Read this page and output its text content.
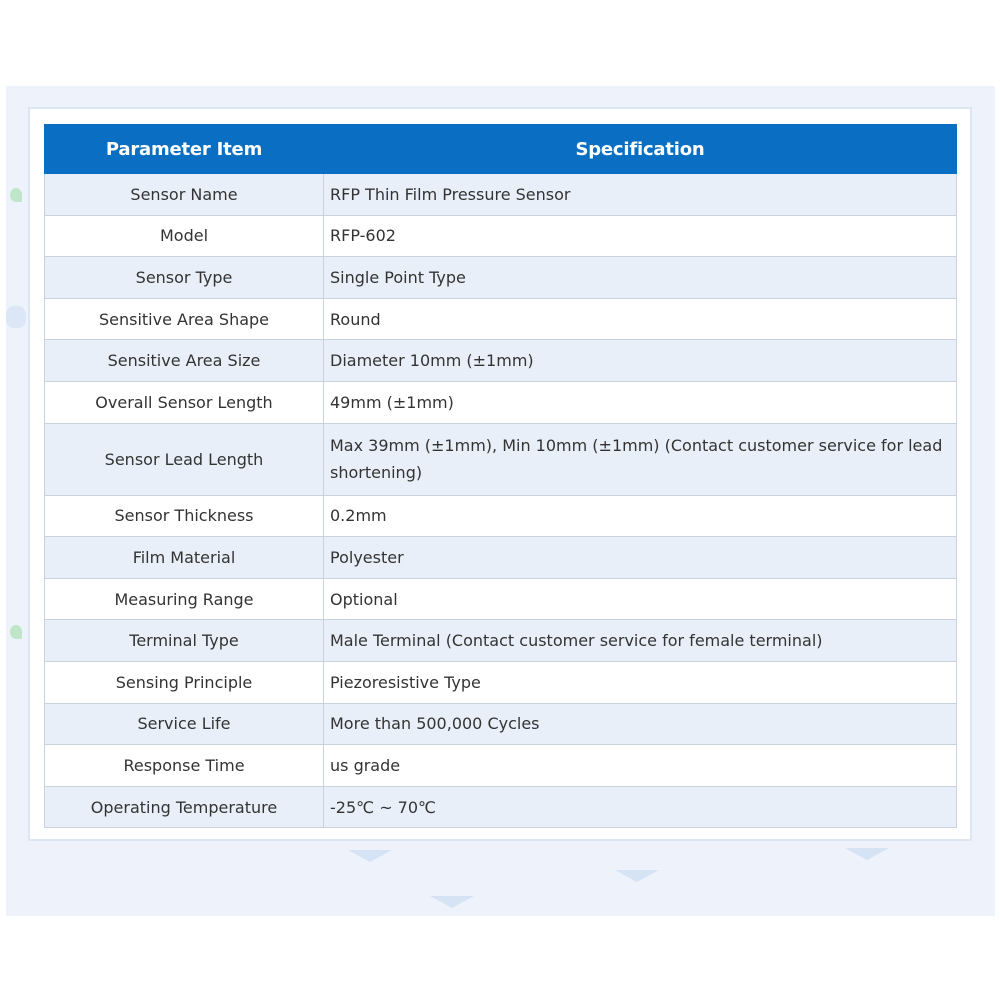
Parameter Item	Specification
Sensor Name	RFP Thin Film Pressure Sensor
Model	RFP-602
Sensor Type	Single Point Type
Sensitive Area Shape	Round
Sensitive Area Size	Diameter 10mm (±1mm)
Overall Sensor Length	49mm (±1mm)
Sensor Lead Length	Max 39mm (±1mm), Min 10mm (±1mm) (Contact customer service for lead shortening)
Sensor Thickness	0.2mm
Film Material	Polyester
Measuring Range	Optional
Terminal Type	Male Terminal (Contact customer service for female terminal)
Sensing Principle	Piezoresistive Type
Service Life	More than 500,000 Cycles
Response Time	us grade
Operating Temperature	-25℃ ~ 70℃
